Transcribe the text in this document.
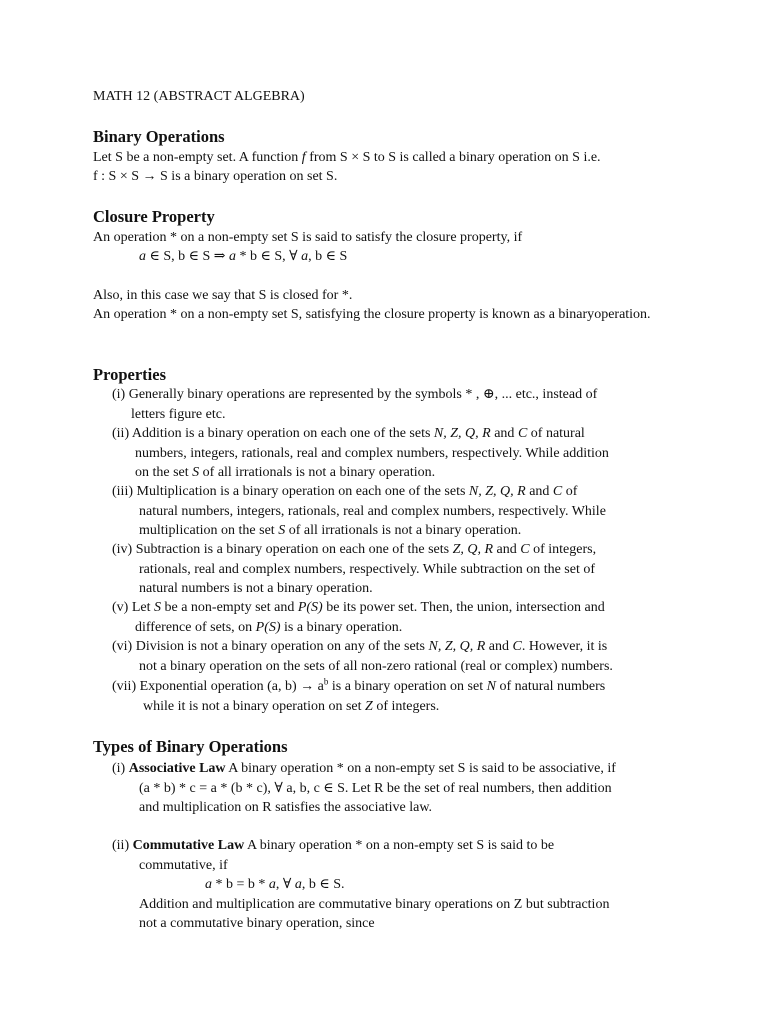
MATH 12 (ABSTRACT ALGEBRA)
Binary Operations
Let S be a non-empty set. A function f from S × S to S is called a binary operation on S i.e.
f : S × S → S is a binary operation on set S.
Closure Property
An operation * on a non-empty set S is said to satisfy the closure property, if
a ∈ S, b ∈ S ⇒ a * b ∈ S, ∀ a, b ∈ S
Also, in this case we say that S is closed for *.
An operation * on a non-empty set S, satisfying the closure property is known as a binaryoperation.
Properties
(i) Generally binary operations are represented by the symbols * , ⊕, ... etc., instead of
letters figure etc.
(ii) Addition is a binary operation on each one of the sets N, Z, Q, R and C of natural
numbers, integers, rationals, real and complex numbers, respectively. While addition
on the set S of all irrationals is not a binary operation.
(iii) Multiplication is a binary operation on each one of the sets N, Z, Q, R and C of
natural numbers, integers, rationals, real and complex numbers, respectively. While
multiplication on the set S of all irrationals is not a binary operation.
(iv) Subtraction is a binary operation on each one of the sets Z, Q, R and C of integers,
rationals, real and complex numbers, respectively. While subtraction on the set of
natural numbers is not a binary operation.
(v) Let S be a non-empty set and P(S) be its power set. Then, the union, intersection and
difference of sets, on P(S) is a binary operation.
(vi) Division is not a binary operation on any of the sets N, Z, Q, R and C. However, it is
not a binary operation on the sets of all non-zero rational (real or complex) numbers.
(vii) Exponential operation (a, $b) \to a^b$ is a binary operation on set N of natural numbers
while it is not a binary operation on set Z of integers.
Types of Binary Operations
(i) Associative Law A binary operation * on a non-empty set S is said to be associative, if
(a * b) * c = a * (b * c), ∀ a, b, c ∈ S. Let R be the set of real numbers, then addition
and multiplication on R satisfies the associative law.
(ii) Commutative Law A binary operation * on a non-empty set S is said to be
commutative, if
a * b = b * a, ∀ a, b ∈ S.
Addition and multiplication are commutative binary operations on Z but subtraction
not a commutative binary operation, since
